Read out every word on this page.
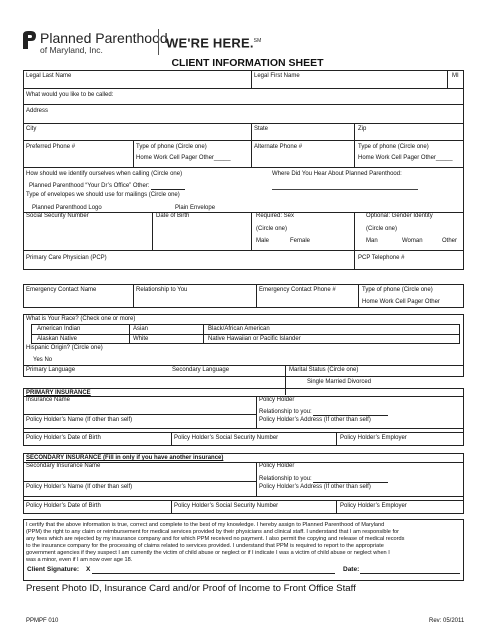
Planned Parenthood
of Maryland, Inc.	WE'RE HERE.℠
CLIENT INFORMATION SHEET
Legal Last Name	Legal First Name	MI
What would you like to be called:
Address
City	State	Zip
Preferred Phone #	Type of phone (Circle one)
Home Work Cell Pager Other_____
Alternate Phone #	Type of phone (Circle one)
Home Work Cell Pager Other_____
How should we identify ourselves when calling (Circle one)	Where Did You Hear About Planned Parenthood:
Planned Parenthood “Your Dr’s Office” Other:
Type of envelopes we should use for mailings (Circle one)
Planned Parenthood Logo	Plain Envelope
Social Security Number	Date of Birth	Required: Sex
(Circle one)
Male	Female
Optional: Gender Identity
(Circle one)
Man	Woman	Other
Primary Care Physician (PCP)	PCP Telephone #
Emergency Contact Name	Relationship to You	Emergency Contact Phone #	Type of phone (Circle one)
Home Work Cell Pager Other
What is Your Race? (Check one or more)
American Indian	Asian	Black/African American
Alaskan Native	White	Native Hawaiian or Pacific Islander
Hispanic Origin? (Circle one)
Yes No
Primary Language	Secondary Language	Marital Status (Circle one)
Single Married Divorced
PRIMARY INSURANCE
Insurance Name	Policy Holder
Relationship to you:
Policy Holder’s Name (If other than self)	Policy Holder’s Address (If other than self)
Policy Holder’s Date of Birth	Policy Holder’s Social Security Number	Policy Holder’s Employer
SECONDARY INSURANCE (Fill in only if you have another insurance)
Secondary Insurance Name	Policy Holder
Relationship to you:
Policy Holder’s Name (If other than self)	Policy Holder’s Address (If other than self)
Policy Holder’s Date of Birth	Policy Holder’s Social Security Number	Policy Holder’s Employer
I certify that the above information is true, correct and complete to the best of my knowledge. I hereby assign to Planned Parenthood of Maryland
(PPM) the right to any claim or reimbursement for medical services provided by their physicians and clinical staff. I understand that I am responsible for
any fees which are rejected by my insurance company and for which PPM received no payment. I also permit the copying and release of medical records
to the insurance company for the processing of claims related to services provided. I understand that PPM is required to report to the appropriate
government agencies if they suspect I am currently the victim of child abuse or neglect or if I indicate I was a victim of child abuse or neglect when I
was a minor, even if I am now over age 18.
Client Signature: X	Date:
Present Photo ID, Insurance Card and/or Proof of Income to Front Office Staff
PPMPF 010	Rev: 05/2011
